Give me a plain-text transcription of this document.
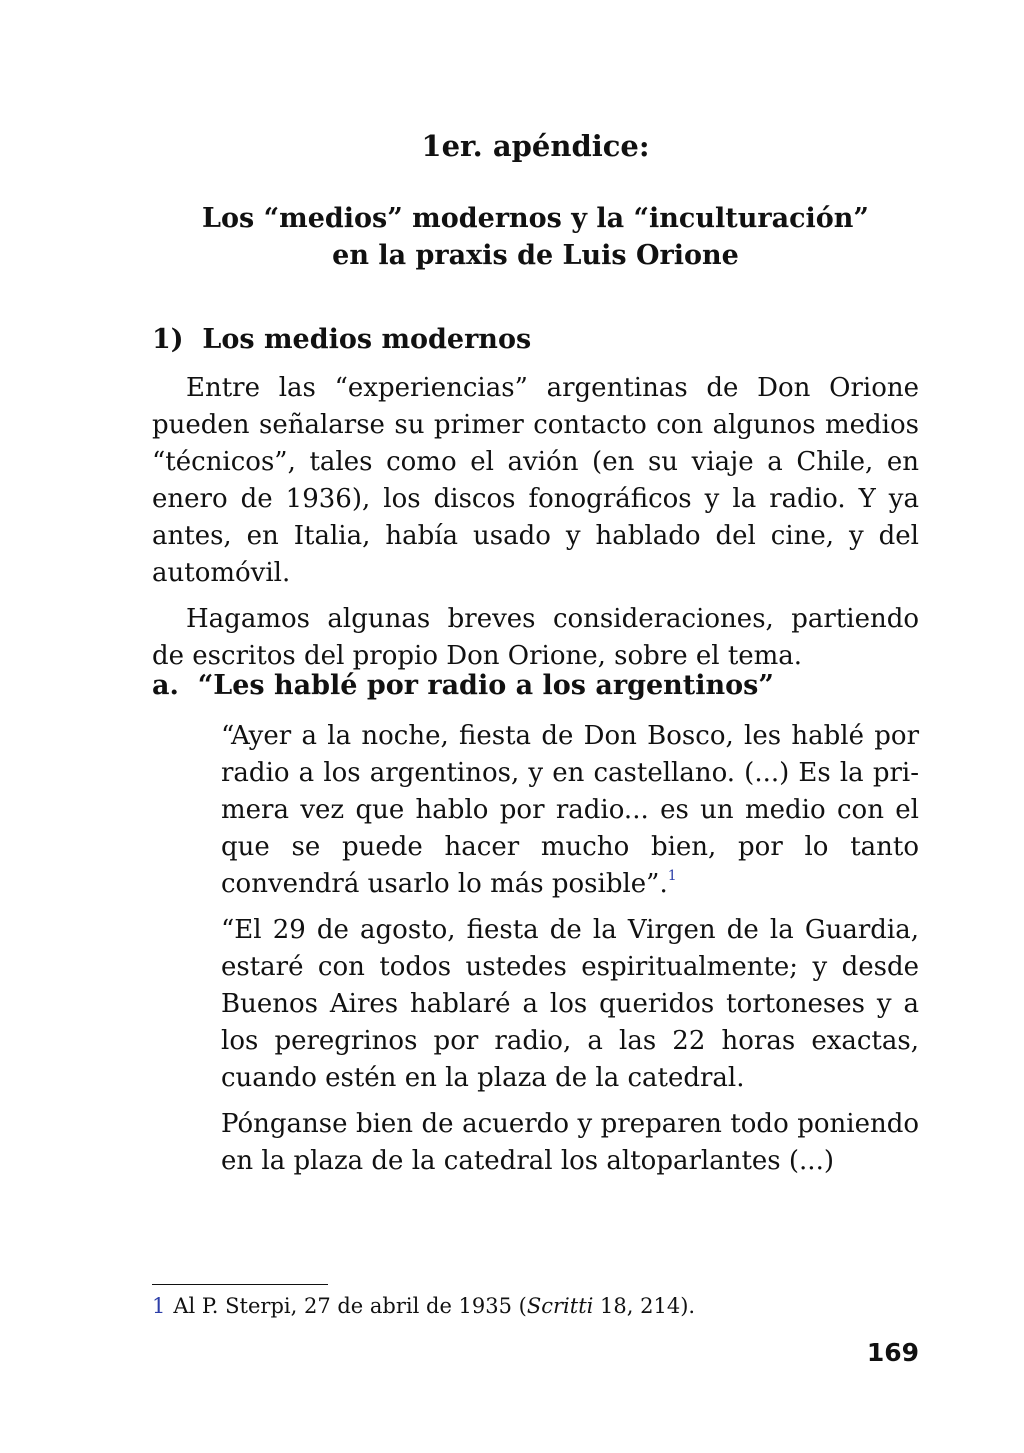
1er. apéndice:
Los “medios” modernos y la “inculturación”
en la praxis de Luis Orione
1)  Los medios modernos

Entre las “experiencias” argentinas de Don Orione pueden señalarse su primer contacto con algunos medios “técnicos”, tales como el avión (en su viaje a Chile, en enero de 1936), los discos fonográficos y la radio. Y ya antes, en Italia, había usado y hablado del cine, y del automóvil.

Hagamos algunas breves consideraciones, partiendo de escritos del propio Don Orione, sobre el tema.

a.  “Les hablé por radio a los argentinos”

“Ayer a la noche, fiesta de Don Bosco, les hablé por radio a los argentinos, y en castellano. (...) Es la primera vez que hablo por radio... es un medio con el que se puede hacer mucho bien, por lo tanto convendrá usarlo lo más posible”.$^1$

“El 29 de agosto, fiesta de la Virgen de la Guardia, estaré con todos ustedes espiritualmente; y desde Buenos Aires hablaré a los queridos tortoneses y a los peregrinos por radio, a las 22 horas exactas, cuando estén en la plaza de la catedral.

Pónganse bien de acuerdo y preparen todo poniendo en la plaza de la catedral los altoparlantes (...)

1 Al P. Sterpi, 27 de abril de 1935 (Scritti 18, 214).

169
